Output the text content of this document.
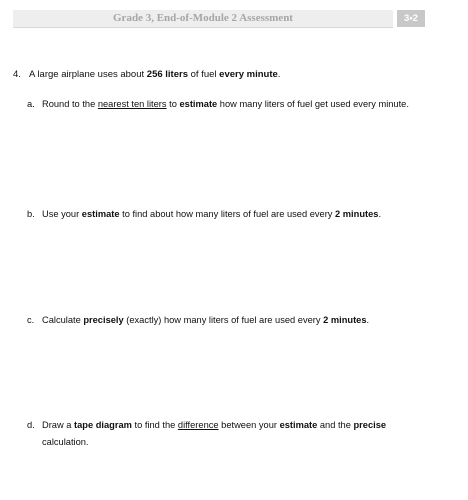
Grade 3, End-of-Module 2 Assessment	3•2
4. A large airplane uses about 256 liters of fuel every minute.
a. Round to the nearest ten liters to estimate how many liters of fuel get used every minute.
b. Use your estimate to find about how many liters of fuel are used every 2 minutes.
c. Calculate precisely (exactly) how many liters of fuel are used every 2 minutes.
d. Draw a tape diagram to find the difference between your estimate and the precise calculation.
